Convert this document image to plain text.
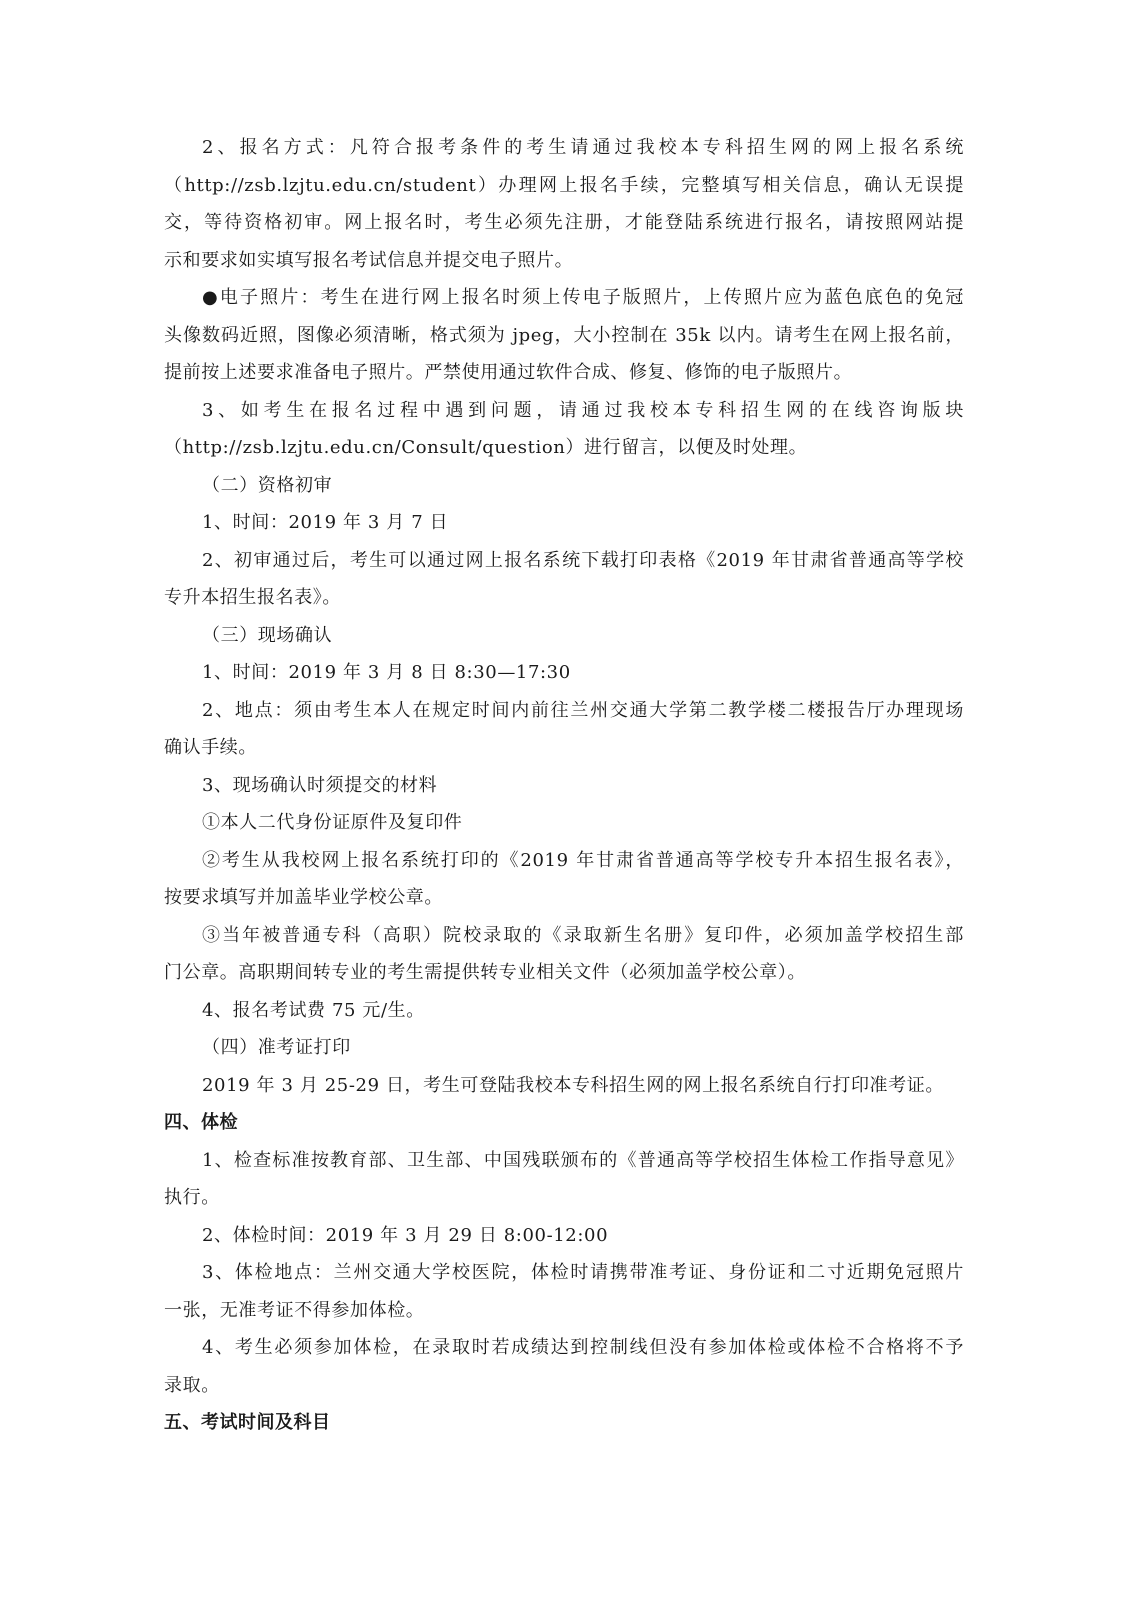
2、报名方式：凡符合报考条件的考生请通过我校本专科招生网的网上报名系统

（http://zsb.lzjtu.edu.cn/student）办理网上报名手续，完整填写相关信息，确认无误提
交，等待资格初审。网上报名时，考生必须先注册，才能登陆系统进行报名，请按照网站提
示和要求如实填写报名考试信息并提交电子照片。

●电子照片：考生在进行网上报名时须上传电子版照片，上传照片应为蓝色底色的免冠

头像数码近照，图像必须清晰，格式须为 jpeg，大小控制在 35k 以内。请考生在网上报名前，
提前按上述要求准备电子照片。严禁使用通过软件合成、修复、修饰的电子版照片。

3、如考生在报名过程中遇到问题，请通过我校本专科招生网的在线咨询版块

（http://zsb.lzjtu.edu.cn/Consult/question）进行留言，以便及时处理。

（二）资格初审

1、时间：2019 年 3 月 7 日

2、初审通过后，考生可以通过网上报名系统下载打印表格《2019 年甘肃省普通高等学校

专升本招生报名表》。

（三）现场确认

1、时间：2019 年 3 月 8 日 8:30—17:30

2、地点：须由考生本人在规定时间内前往兰州交通大学第二教学楼二楼报告厅办理现场

确认手续。

3、现场确认时须提交的材料

①本人二代身份证原件及复印件

②考生从我校网上报名系统打印的《2019 年甘肃省普通高等学校专升本招生报名表》，

按要求填写并加盖毕业学校公章。

③当年被普通专科（高职）院校录取的《录取新生名册》复印件，必须加盖学校招生部

门公章。高职期间转专业的考生需提供转专业相关文件（必须加盖学校公章）。

4、报名考试费 75 元/生。

（四）准考证打印

2019 年 3 月 25-29 日，考生可登陆我校本专科招生网的网上报名系统自行打印准考证。

四、体检

1、检查标准按教育部、卫生部、中国残联颁布的《普通高等学校招生体检工作指导意见》

执行。

2、体检时间：2019 年 3 月 29 日 8:00-12:00

3、体检地点：兰州交通大学校医院，体检时请携带准考证、身份证和二寸近期免冠照片

一张，无准考证不得参加体检。

4、考生必须参加体检，在录取时若成绩达到控制线但没有参加体检或体检不合格将不予

录取。

五、考试时间及科目
